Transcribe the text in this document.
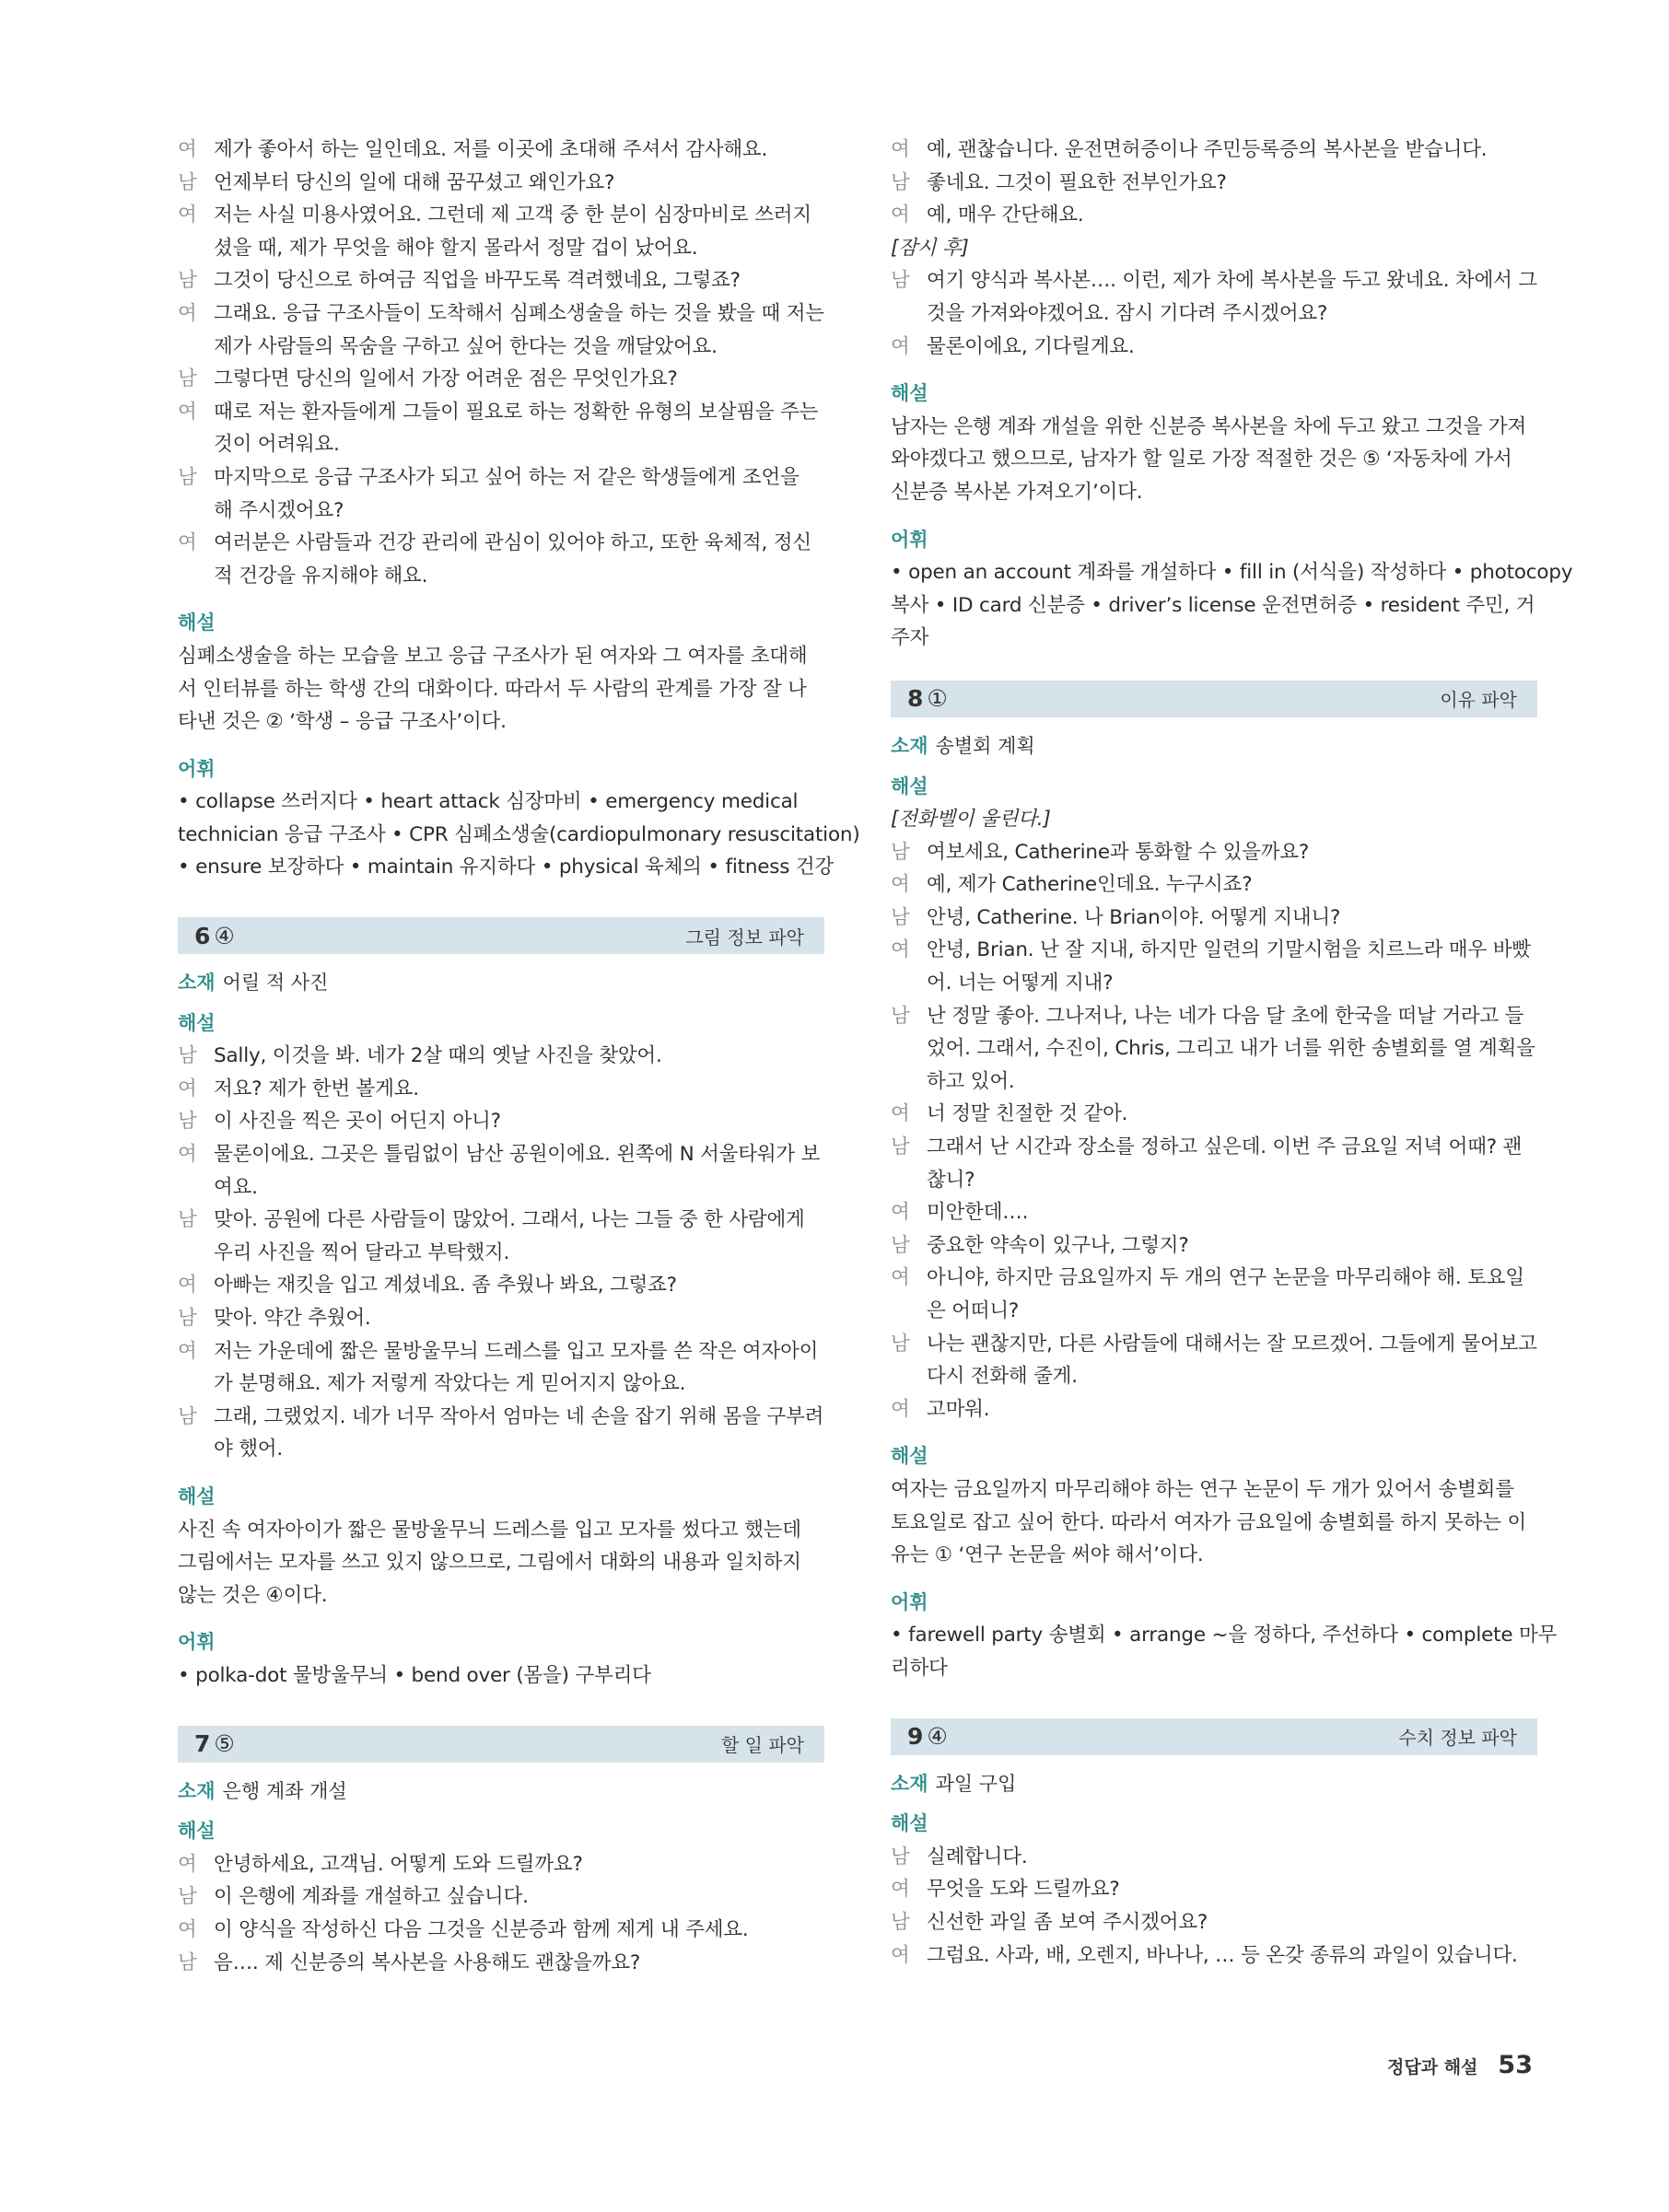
여 제가 좋아서 하는 일인데요. 저를 이곳에 초대해 주셔서 감사해요.
남 언제부터 당신의 일에 대해 꿈꾸셨고 왜인가요?
여 저는 사실 미용사였어요. 그런데 제 고객 중 한 분이 심장마비로 쓰러지
셨을 때, 제가 무엇을 해야 할지 몰라서 정말 겁이 났어요.
남 그것이 당신으로 하여금 직업을 바꾸도록 격려했네요, 그렇죠?
여 그래요. 응급 구조사들이 도착해서 심폐소생술을 하는 것을 봤을 때 저는
제가 사람들의 목숨을 구하고 싶어 한다는 것을 깨달았어요.
남 그렇다면 당신의 일에서 가장 어려운 점은 무엇인가요?
여 때로 저는 환자들에게 그들이 필요로 하는 정확한 유형의 보살핌을 주는
것이 어려워요.
남 마지막으로 응급 구조사가 되고 싶어 하는 저 같은 학생들에게 조언을
해 주시겠어요?
여 여러분은 사람들과 건강 관리에 관심이 있어야 하고, 또한 육체적, 정신
적 건강을 유지해야 해요.
해설
심폐소생술을 하는 모습을 보고 응급 구조사가 된 여자와 그 여자를 초대해
서 인터뷰를 하는 학생 간의 대화이다. 따라서 두 사람의 관계를 가장 잘 나
타낸 것은 ② ‘학생 – 응급 구조사’이다.
어휘
• collapse 쓰러지다 • heart attack 심장마비 • emergency medical
technician 응급 구조사 • CPR 심폐소생술(cardiopulmonary resuscitation)
• ensure 보장하다 • maintain 유지하다 • physical 육체의 • fitness 건강
6 ④	그림 정보 파악
소재 어릴 적 사진
해설
남 Sally, 이것을 봐. 네가 2살 때의 옛날 사진을 찾았어.
여 저요? 제가 한번 볼게요.
남 이 사진을 찍은 곳이 어딘지 아니?
여 물론이에요. 그곳은 틀림없이 남산 공원이에요. 왼쪽에 N 서울타워가 보
여요.
남 맞아. 공원에 다른 사람들이 많았어. 그래서, 나는 그들 중 한 사람에게
우리 사진을 찍어 달라고 부탁했지.
여 아빠는 재킷을 입고 계셨네요. 좀 추웠나 봐요, 그렇죠?
남 맞아. 약간 추웠어.
여 저는 가운데에 짧은 물방울무늬 드레스를 입고 모자를 쓴 작은 여자아이
가 분명해요. 제가 저렇게 작았다는 게 믿어지지 않아요.
남 그래, 그랬었지. 네가 너무 작아서 엄마는 네 손을 잡기 위해 몸을 구부려
야 했어.
해설
사진 속 여자아이가 짧은 물방울무늬 드레스를 입고 모자를 썼다고 했는데
그림에서는 모자를 쓰고 있지 않으므로, 그림에서 대화의 내용과 일치하지
않는 것은 ④이다.
어휘
• polka-dot 물방울무늬 • bend over (몸을) 구부리다
7 ⑤	할 일 파악
소재 은행 계좌 개설
해설
여 안녕하세요, 고객님. 어떻게 도와 드릴까요?
남 이 은행에 계좌를 개설하고 싶습니다.
여 이 양식을 작성하신 다음 그것을 신분증과 함께 제게 내 주세요.
남 음…. 제 신분증의 복사본을 사용해도 괜찮을까요?
여 예, 괜찮습니다. 운전면허증이나 주민등록증의 복사본을 받습니다.
남 좋네요. 그것이 필요한 전부인가요?
여 예, 매우 간단해요.
[잠시 후]
남 여기 양식과 복사본…. 이런, 제가 차에 복사본을 두고 왔네요. 차에서 그
것을 가져와야겠어요. 잠시 기다려 주시겠어요?
여 물론이에요, 기다릴게요.
해설
남자는 은행 계좌 개설을 위한 신분증 복사본을 차에 두고 왔고 그것을 가져
와야겠다고 했으므로, 남자가 할 일로 가장 적절한 것은 ⑤ ‘자동차에 가서
신분증 복사본 가져오기’이다.
어휘
• open an account 계좌를 개설하다 • fill in (서식을) 작성하다 • photocopy
복사 • ID card 신분증 • driver’s license 운전면허증 • resident 주민, 거
주자
8 ①	이유 파악
소재 송별회 계획
해설
[전화벨이 울린다.]
남 여보세요, Catherine과 통화할 수 있을까요?
여 예, 제가 Catherine인데요. 누구시죠?
남 안녕, Catherine. 나 Brian이야. 어떻게 지내니?
여 안녕, Brian. 난 잘 지내, 하지만 일련의 기말시험을 치르느라 매우 바빴
어. 너는 어떻게 지내?
남 난 정말 좋아. 그나저나, 나는 네가 다음 달 초에 한국을 떠날 거라고 들
었어. 그래서, 수진이, Chris, 그리고 내가 너를 위한 송별회를 열 계획을
하고 있어.
여 너 정말 친절한 것 같아.
남 그래서 난 시간과 장소를 정하고 싶은데. 이번 주 금요일 저녁 어때? 괜
찮니?
여 미안한데….
남 중요한 약속이 있구나, 그렇지?
여 아니야, 하지만 금요일까지 두 개의 연구 논문을 마무리해야 해. 토요일
은 어떠니?
남 나는 괜찮지만, 다른 사람들에 대해서는 잘 모르겠어. 그들에게 물어보고
다시 전화해 줄게.
여 고마워.
해설
여자는 금요일까지 마무리해야 하는 연구 논문이 두 개가 있어서 송별회를
토요일로 잡고 싶어 한다. 따라서 여자가 금요일에 송별회를 하지 못하는 이
유는 ① ‘연구 논문을 써야 해서’이다.
어휘
• farewell party 송별회 • arrange ~을 정하다, 주선하다 • complete 마무
리하다
9 ④	수치 정보 파악
소재 과일 구입
해설
남 실례합니다.
여 무엇을 도와 드릴까요?
남 신선한 과일 좀 보여 주시겠어요?
여 그럼요. 사과, 배, 오렌지, 바나나, … 등 온갖 종류의 과일이 있습니다.
정답과 해설 53
